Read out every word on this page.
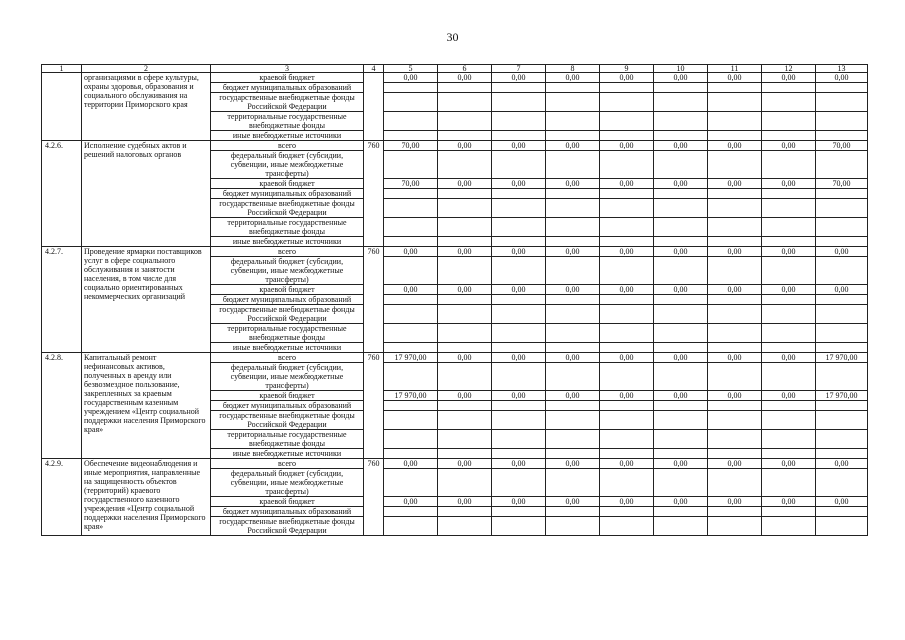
30
1	2	3	4	5	6	7	8	9	10	11	12	13
	организациями в сфере культуры, охраны здоровья, образования и социального обслуживания на территории Приморского края	краевой бюджет		0,00	0,00	0,00	0,00	0,00	0,00	0,00	0,00	0,00
		бюджет муниципальных образований										
		государственные внебюджетные фонды Российской Федерации										
		территориальные государственные внебюджетные фонды										
		иные внебюджетные источники										
4.2.6.	Исполнение судебных актов и решений налоговых органов	всего	760	70,00	0,00	0,00	0,00	0,00	0,00	0,00	0,00	70,00
		федеральный бюджет (субсидии, субвенции, иные межбюджетные трансферты)										
		краевой бюджет		70,00	0,00	0,00	0,00	0,00	0,00	0,00	0,00	70,00
		бюджет муниципальных образований										
		государственные внебюджетные фонды Российской Федерации										
		территориальные государственные внебюджетные фонды										
		иные внебюджетные источники										
4.2.7.	Проведение ярмарки поставщиков услуг в сфере социального обслуживания и занятости населения, в том числе для социально ориентированных некоммерческих организаций	всего	760	0,00	0,00	0,00	0,00	0,00	0,00	0,00	0,00	0,00
		федеральный бюджет (субсидии, субвенции, иные межбюджетные трансферты)										
		краевой бюджет		0,00	0,00	0,00	0,00	0,00	0,00	0,00	0,00	0,00
		бюджет муниципальных образований										
		государственные внебюджетные фонды Российской Федерации										
		территориальные государственные внебюджетные фонды										
		иные внебюджетные источники										
4.2.8.	Капитальный ремонт нефинансовых активов, полученных в аренду или безвозмездное пользование, закрепленных за краевым государственным казенным учреждением «Центр социальной поддержки населения Приморского края»	всего	760	17 970,00	0,00	0,00	0,00	0,00	0,00	0,00	0,00	17 970,00
		федеральный бюджет (субсидии, субвенции, иные межбюджетные трансферты)										
		краевой бюджет		17 970,00	0,00	0,00	0,00	0,00	0,00	0,00	0,00	17 970,00
		бюджет муниципальных образований										
		государственные внебюджетные фонды Российской Федерации										
		территориальные государственные внебюджетные фонды										
		иные внебюджетные источники										
4.2.9.	Обеспечение видеонаблюдения и иные мероприятия, направленные на защищенность объектов (территорий) краевого государственного казенного учреждения «Центр социальной поддержки населения Приморского края»	всего	760	0,00	0,00	0,00	0,00	0,00	0,00	0,00	0,00	0,00
		федеральный бюджет (субсидии, субвенции, иные межбюджетные трансферты)										
		краевой бюджет		0,00	0,00	0,00	0,00	0,00	0,00	0,00	0,00	0,00
		бюджет муниципальных образований										
		государственные внебюджетные фонды Российской Федерации										
